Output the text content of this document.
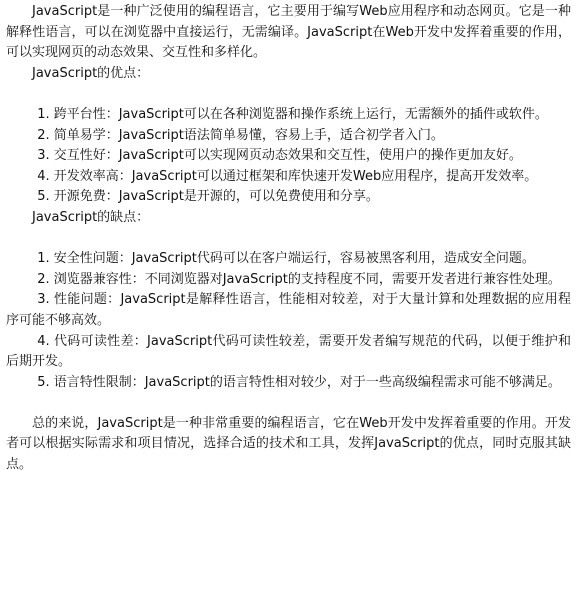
JavaScript是一种广泛使用的编程语言，它主要用于编写Web应用程序和动态网页。它是一种解释性语言，可以在浏览器中直接运行，无需编译。JavaScript在Web开发中发挥着重要的作用，可以实现网页的动态效果、交互性和多样化。

JavaScript的优点：

1. 跨平台性：JavaScript可以在各种浏览器和操作系统上运行，无需额外的插件或软件。

2. 简单易学：JavaScript语法简单易懂，容易上手，适合初学者入门。

3. 交互性好：JavaScript可以实现网页动态效果和交互性，使用户的操作更加友好。

4. 开发效率高：JavaScript可以通过框架和库快速开发Web应用程序，提高开发效率。

5. 开源免费：JavaScript是开源的，可以免费使用和分享。

JavaScript的缺点：

1. 安全性问题：JavaScript代码可以在客户端运行，容易被黑客利用，造成安全问题。

2. 浏览器兼容性：不同浏览器对JavaScript的支持程度不同，需要开发者进行兼容性处理。

3. 性能问题：JavaScript是解释性语言，性能相对较差，对于大量计算和处理数据的应用程序可能不够高效。

4. 代码可读性差：JavaScript代码可读性较差，需要开发者编写规范的代码，以便于维护和后期开发。

5. 语言特性限制：JavaScript的语言特性相对较少，对于一些高级编程需求可能不够满足。

总的来说，JavaScript是一种非常重要的编程语言，它在Web开发中发挥着重要的作用。开发者可以根据实际需求和项目情况，选择合适的技术和工具，发挥JavaScript的优点，同时克服其缺点。
